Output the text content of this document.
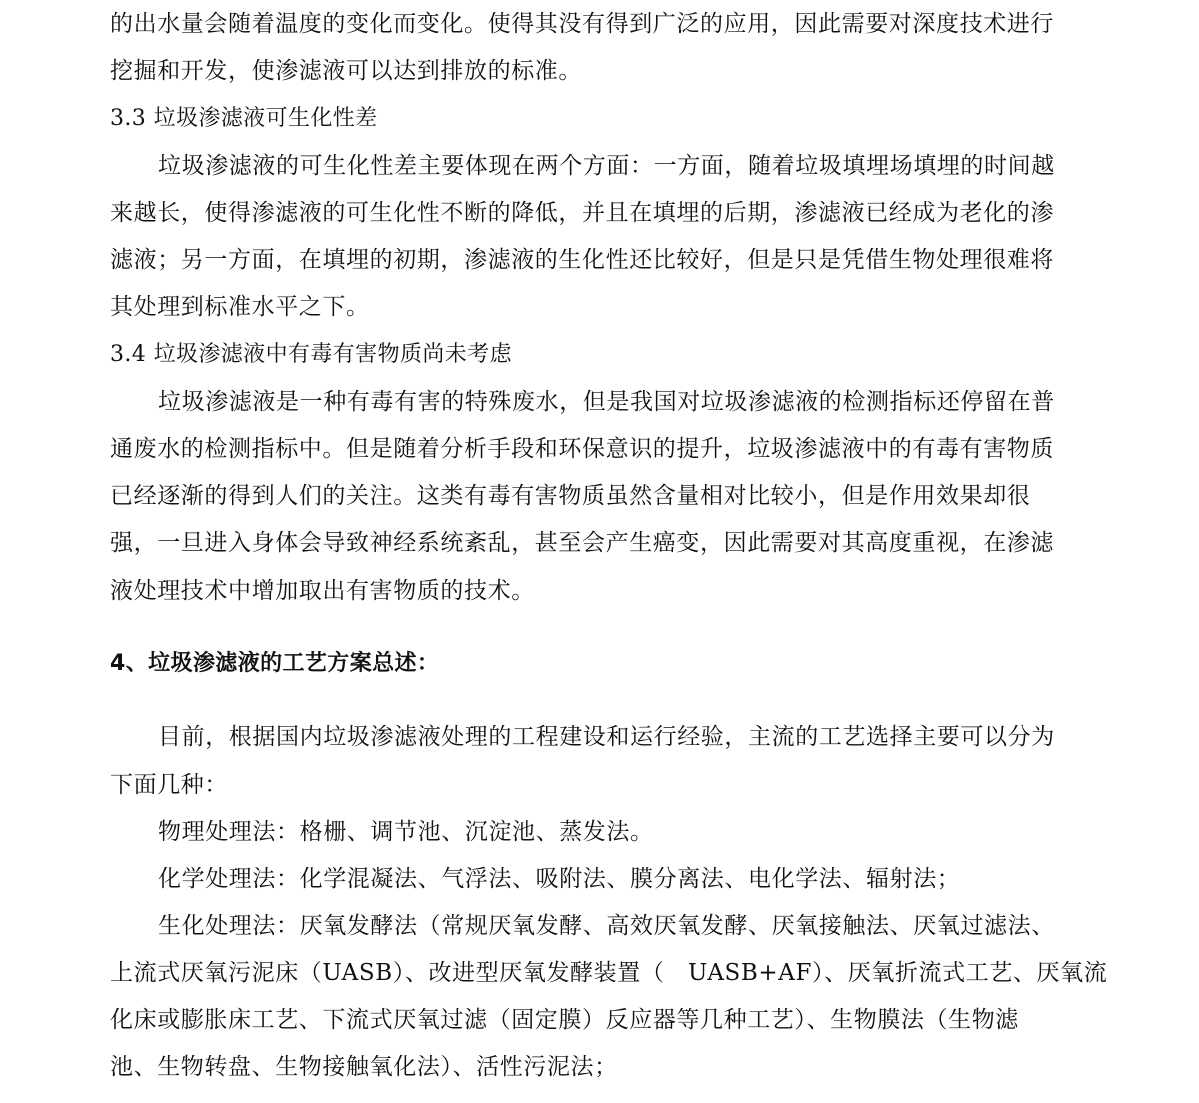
的出水量会随着温度的变化而变化。使得其没有得到广泛的应用，因此需要对深度技术进行
挖掘和开发，使渗滤液可以达到排放的标准。
3.3 垃圾渗滤液可生化性差
垃圾渗滤液的可生化性差主要体现在两个方面：一方面，随着垃圾填埋场填埋的时间越
来越长，使得渗滤液的可生化性不断的降低，并且在填埋的后期，渗滤液已经成为老化的渗
滤液；另一方面，在填埋的初期，渗滤液的生化性还比较好，但是只是凭借生物处理很难将
其处理到标准水平之下。
3.4 垃圾渗滤液中有毒有害物质尚未考虑
垃圾渗滤液是一种有毒有害的特殊废水，但是我国对垃圾渗滤液的检测指标还停留在普
通废水的检测指标中。但是随着分析手段和环保意识的提升，垃圾渗滤液中的有毒有害物质
已经逐渐的得到人们的关注。这类有毒有害物质虽然含量相对比较小，但是作用效果却很
强，一旦进入身体会导致神经系统紊乱，甚至会产生癌变，因此需要对其高度重视，在渗滤
液处理技术中增加取出有害物质的技术。
4、垃圾渗滤液的工艺方案总述：
目前，根据国内垃圾渗滤液处理的工程建设和运行经验，主流的工艺选择主要可以分为
下面几种：
物理处理法：格栅、调节池、沉淀池、蒸发法。
化学处理法：化学混凝法、气浮法、吸附法、膜分离法、电化学法、辐射法；
生化处理法：厌氧发酵法（常规厌氧发酵、高效厌氧发酵、厌氧接触法、厌氧过滤法、
上流式厌氧污泥床（UASB）、改进型厌氧发酵装置（　UASB+AF）、厌氧折流式工艺、厌氧流
化床或膨胀床工艺、下流式厌氧过滤（固定膜）反应器等几种工艺）、生物膜法（生物滤
池、生物转盘、生物接触氧化法）、活性污泥法；
